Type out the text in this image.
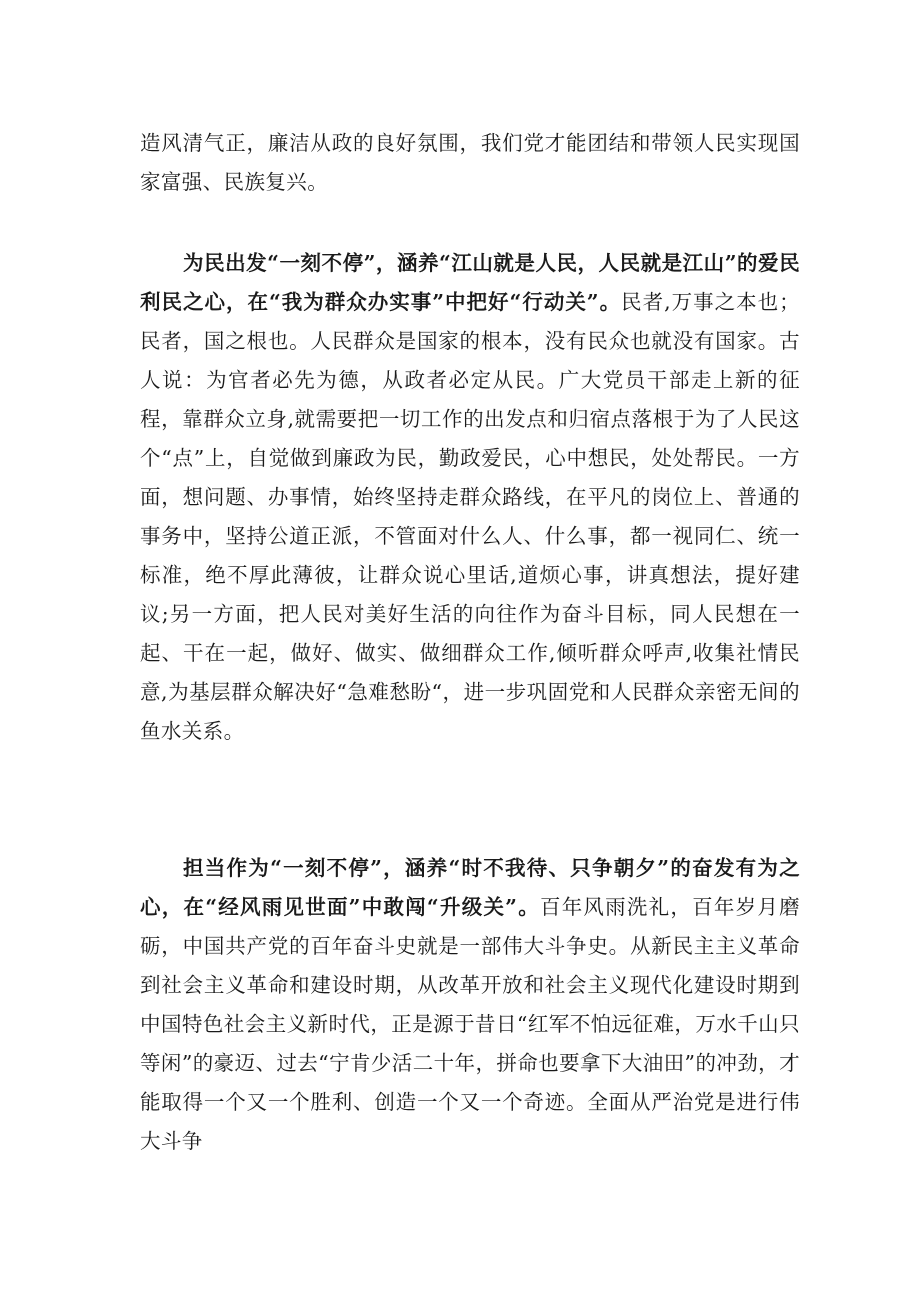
造风清气正，廉洁从政的良好氛围，我们党才能团结和带领人民实现国家富强、民族复兴。

为民出发“一刻不停”，涵养“江山就是人民，人民就是江山”的爱民利民之心，在“我为群众办实事”中把好“行动关”。民者,万事之本也；民者，国之根也。人民群众是国家的根本，没有民众也就没有国家。古人说：为官者必先为德，从政者必定从民。广大党员干部走上新的征程，靠群众立身,就需要把一切工作的出发点和归宿点落根于为了人民这个“点”上，自觉做到廉政为民，勤政爱民，心中想民，处处帮民。一方面，想问题、办事情，始终坚持走群众路线，在平凡的岗位上、普通的事务中，坚持公道正派，不管面对什么人、什么事，都一视同仁、统一标准，绝不厚此薄彼，让群众说心里话,道烦心事，讲真想法，提好建议;另一方面，把人民对美好生活的向往作为奋斗目标，同人民想在一起、干在一起，做好、做实、做细群众工作,倾听群众呼声,收集社情民意,为基层群众解决好“急难愁盼“，进一步巩固党和人民群众亲密无间的鱼水关系。

担当作为“一刻不停”，涵养“时不我待、只争朝夕”的奋发有为之心，在“经风雨见世面”中敢闯“升级关”。百年风雨洗礼，百年岁月磨砺，中国共产党的百年奋斗史就是一部伟大斗争史。从新民主主义革命到社会主义革命和建设时期，从改革开放和社会主义现代化建设时期到中国特色社会主义新时代，正是源于昔日“红军不怕远征难，万水千山只等闲”的豪迈、过去“宁肯少活二十年，拼命也要拿下大油田”的冲劲，才能取得一个又一个胜利、创造一个又一个奇迹。全面从严治党是进行伟大斗争
